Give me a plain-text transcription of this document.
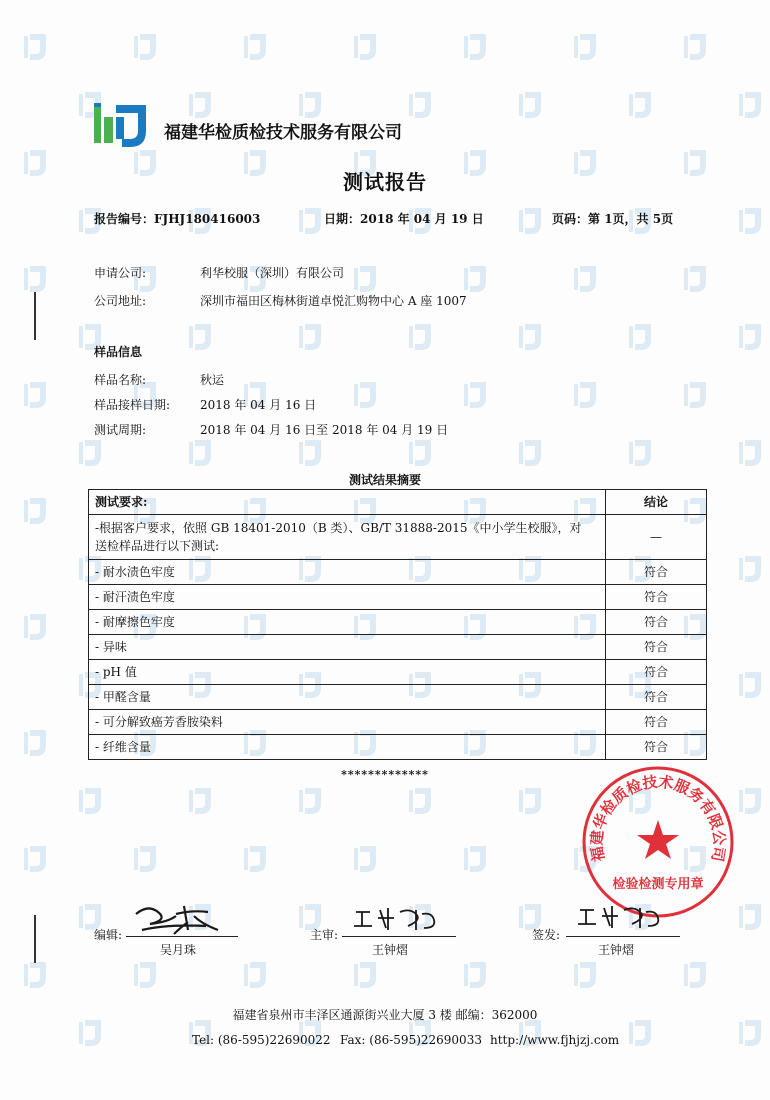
福建华检质检技术服务有限公司
测试报告
报告编号：FJHJ180416003	日期：2018 年 04 月 19 日	页码：第 1页，共 5页
申请公司:	利华校服（深圳）有限公司
公司地址:	深圳市福田区梅林街道卓悦汇购物中心 A 座 1007
样品信息
样品名称:	秋运
样品接样日期: 2018 年 04 月 16 日
测试周期:	2018 年 04 月 16 日至 2018 年 04 月 19 日
测试结果摘要
测试要求:	结论

-根据客户要求，依照 GB 18401-2010（B 类）、GB/T 31888-2015《中小学生校服》，对
送检样品进行以下测试:	—
- 耐水渍色牢度	符合
- 耐汗渍色牢度	符合
- 耐摩擦色牢度	符合
- 异味	符合
- pH 值	符合
- 甲醛含量	符合
- 可分解致癌芳香胺染料	符合
- 纤维含量	符合
*************
福建华检质检技术服务有限公司
检验检测专用章
编辑:
吴月珠
主审:
王钟熠
签发:
王钟熠
福建省泉州市丰泽区通源街兴业大厦 3 楼 邮编：362000
Tel: (86-595)22690022 Fax: (86-595)22690033 http://www.fjhjzj.com
